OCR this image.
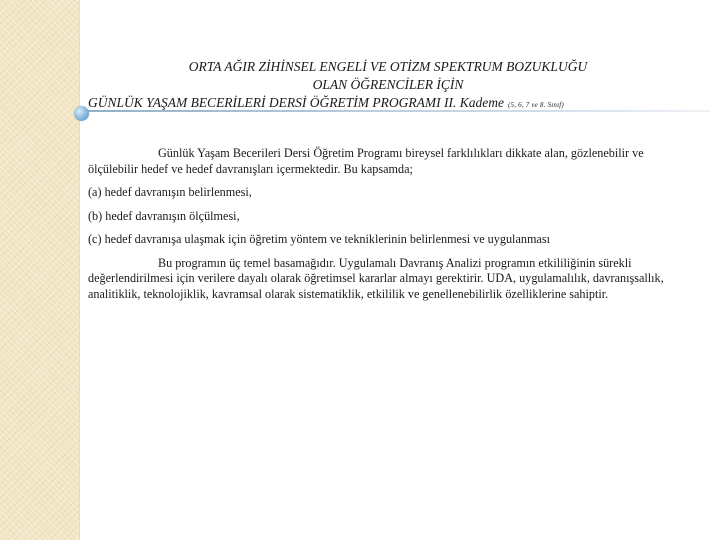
ORTA AĞIR ZİHİNSEL ENGELİ VE OTİZM SPEKTRUM BOZUKLUĞU
OLAN ÖĞRENCİLER İÇİN
GÜNLÜK YAŞAM BECERİLERİ DERSİ ÖĞRETİM PROGRAMI II. Kademe (5, 6, 7 ve 8. Sınıf)

Günlük Yaşam Becerileri Dersi Öğretim Programı bireysel farklılıkları dikkate alan, gözlenebilir ve ölçülebilir hedef ve hedef davranışları içermektedir. Bu kapsamda;

(a) hedef davranışın belirlenmesi,
(b) hedef davranışın ölçülmesi,
(c) hedef davranışa ulaşmak için öğretim yöntem ve tekniklerinin belirlenmesi ve uygulanması

Bu programın üç temel basamağıdır. Uygulamalı Davranış Analizi programın etkililiğinin sürekli değerlendirilmesi için verilere dayalı olarak öğretimsel kararlar almayı gerektirir. UDA, uygulamalılık, davranışsallık, analitiklik, teknolojiklik, kavramsal olarak sistematiklik, etkililik ve genellenebilirlik özelliklerine sahiptir.
